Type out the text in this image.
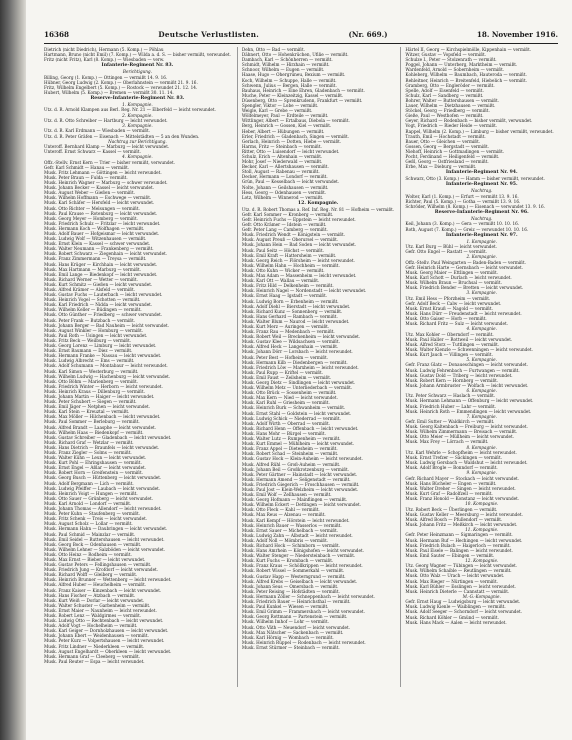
16368	Deutsche Verlustlisten.	(Nr. 669.)	18. November 1916.
Dietrich (nicht Diedrich), Hermann (5. Komp.) — Pöhlau
Hartmann, Bruno (nicht Emil) (7. Komp.) — Wilda a. d. S. — bisher vermißt, verwundet.
Fritz (nicht Fritz), Karl (8. Komp.) — Wiesbaden — verw.
Infanterie-Regiment Nr. 83.
Berichtigung.
Billing, Georg (1. Komp.) — Ottingen — vermißt 14. 9. 16.
Hübner, Georg Ludwig (2. Komp.) — Oberlahnstein — vermißt 21. 9. 16.
Fritz, Wilhelm Engelbert (5. Komp.) — Rostock — verwundet 21. 12. 14.
Hubert, Wilhelm (5. Komp.) — Bremen — vermißt 30. 11. 14.
Reserve-Infanterie-Regiment Nr. 83.
1. Kompagnie.
Utz. d. R. Arnold Klampen aus Berl. Reg. Nr. 21 — Elberfeld — leicht verwundet.
2. Kompagnie.
Utz. d. R. Otto Schreiber — Hartburg — leicht verwundet.
3. Kompagnie.
Utz. d. R. Karl Erdmann — Wiesbaden — vermißt.
Utz. d. R. Peter Gräfen — Eisenach — Mittelstädten — 5 an den Wunden.
Nachtrag zur Berichtigung.
Unteroff. Bernhard Klamp — Marburg — leicht verwundet.
Unteroff. Ernst Schwarz — Kassel — vermißt.
4. Kompagnie.
Offz.-Stellv. Ernst Kern — Trier — bisher vermißt, verwundet.
Gefr. Karl Schmidt — Hanau — vermißt.
Musk. Fritz Lehmann — Göttingen — leicht verwundet.
Musk. Peter Braun — Fulda — vermißt.
Musk. Heinrich Wagner — Marburg — schwer verwundet.
Musk. Johann Becker — Kassel — leicht verwundet.
Musk. August Weber — Gießen — vermißt.
Musk. Wilhelm Hoffmann — Eschwege — vermißt.
Musk. Karl Schäfer — Hersfeld — leicht verwundet.
Musk. Otto Richter — Melsungen — vermißt.
Musk. Paul Krause — Rotenburg — leicht verwundet.
Musk. Georg Meyer — Homberg — vermißt.
Musk. Friedrich Schulz — Fritzlar — leicht verwundet.
Musk. Hermann Koch — Wolfhagen — vermißt.
Musk. Adolf Bauer — Hofgeismar — leicht verwundet.
Musk. Ludwig Wolf — Witzenhausen — vermißt.
Musk. Ernst Klein — Kassel — schwer verwundet.
Musk. Walter Neumann — Frankenberg — vermißt.
Musk. Robert Schwarz — Ziegenhain — leicht verwundet.
Musk. Franz Zimmermann — Treysa — vermißt.
Musk. Hans Krüger — Kirchhain — leicht verwundet.
Musk. Max Hartmann — Marburg — vermißt.
Musk. Emil Lange — Biedenkopf — leicht verwundet.
Musk. Richard Werner — Wetter — vermißt.
Musk. Kurt Schmitz — Gießen — leicht verwundet.
Musk. Alfred Krämer — Alsfeld — vermißt.
Musk. Gustav Fuchs — Lauterbach — leicht verwundet.
Musk. Heinrich Vogel — Schotten — vermißt.
Musk. Karl Friedrich — Nidda — leicht verwundet.
Musk. Wilhelm Keller — Büdingen — vermißt.
Musk. Otto Günther — Friedberg — schwer verwundet.
Musk. Peter Frank — Butzbach — vermißt.
Musk. Johann Berger — Bad Nauheim — leicht verwundet.
Musk. August Winkler — Homburg — vermißt.
Musk. Paul Roth — Usingen — leicht verwundet.
Musk. Fritz Beck — Weilburg — vermißt.
Musk. Georg Lorenz — Limburg — leicht verwundet.
Musk. Ernst Baumann — Diez — vermißt.
Musk. Hermann Franke — Nassau — leicht verwundet.
Musk. Ludwig Albrecht — Ems — vermißt.
Musk. Adolf Schumann — Montabaur — leicht verwundet.
Musk. Karl Simon — Westerburg — vermißt.
Musk. Wilhelm Ludwig — Hachenburg — leicht verwundet.
Musk. Otto Böhm — Marienberg — vermißt.
Musk. Friedrich Winter — Herborn — leicht verwundet.
Musk. Heinrich Kraus — Dillenburg — vermißt.
Musk. Johann Martin — Haiger — leicht verwundet.
Musk. Peter Schubert — Siegen — vermißt.
Musk. Emil Jäger — Netphen — leicht verwundet.
Musk. Karl Stein — Kreuztal — vermißt.
Musk. Max Möller — Hilchenbach — leicht verwundet.
Musk. Paul Sommer — Berleburg — vermißt.
Musk. Alfred Brandt — Laasphe — leicht verwundet.
Musk. Wilhelm Haas — Biedenkopf — vermißt.
Musk. Gustav Schreiber — Gladenbach — leicht verwundet.
Musk. Richard Graf — Wetzlar — vermißt.
Musk. Hans Dietrich — Braunfels — leicht verwundet.
Musk. Franz Ziegler — Solms — vermißt.
Musk. Walter Kühn — Leun — leicht verwundet.
Musk. Kurt Pohl — Ehringshausen — vermißt.
Musk. Ernst Engel — Aßlar — leicht verwundet.
Musk. Robert Horn — Greifenstein — vermißt.
Musk. Georg Busch — Hüttenberg — leicht verwundet.
Musk. Adolf Bergmann — Lich — vermißt.
Musk. Ludwig Pfeiffer — Laubach — leicht verwundet.
Musk. Heinrich Voigt — Hungen — vermißt.
Musk. Otto Sauer — Grünberg — leicht verwundet.
Musk. Karl Arnold — Londorf — vermißt.
Musk. Johann Thomas — Allendorf — leicht verwundet.
Musk. Peter Kuhn — Staufenberg — vermißt.
Musk. Fritz Schenk — Treis — leicht verwundet.
Musk. August Scholz — Lollar — vermißt.
Musk. Hermann Hahn — Daubringen — leicht verwundet.
Musk. Paul Schmid — Mainzlar — vermißt.
Musk. Emil Seidel — Ruttershausen — leicht verwundet.
Musk. Georg Bock — Odenhausen — vermißt.
Musk. Wilhelm Lehner — Salzböden — leicht verwundet.
Musk. Otto Heinz — Rodheim — vermißt.
Musk. Max Ernst — Bieber — leicht verwundet.
Musk. Gustav Peters — Fellingshausen — vermißt.
Musk. Friedrich Jung — Krofdorf — leicht verwundet.
Musk. Richard Wolff — Gleiberg — vermißt.
Musk. Heinrich Brunner — Wettenberg — leicht verwundet.
Musk. Alfred Huber — Heuchelheim — vermißt.
Musk. Franz Kaiser — Kinzenbach — leicht verwundet.
Musk. Hans Fischer — Atzbach — vermißt.
Musk. Kurt Weiß — Dorlar — leicht verwundet.
Musk. Walter Schuster — Garbenheim — vermißt.
Musk. Ernst Maier — Naunheim — leicht verwundet.
Musk. Robert Lenz — Waldgirmes — vermißt.
Musk. Ludwig Otto — Rechtenbach — leicht verwundet.
Musk. Adolf Vogt — Hochelheim — vermißt.
Musk. Karl Geiger — Dornholzhausen — leicht verwundet.
Musk. Johann Ebert — Weidenhausen — vermißt.
Musk. Peter Kurz — Volpertshausen — leicht verwundet.
Musk. Fritz Lindner — Niederkleen — vermißt.
Musk. August Engelhardt — Oberkleen — leicht verwundet.
Musk. Hermann Graf — Cleeberg — vermißt.
Musk. Paul Reuter — Espa — leicht verwundet.
Dehn, Otto — Bad — vermißt.
Dähnert, Otto — Hohenkrüchen, Ufilie — vermißt.
Dambach, Karl — Schönherren — vermißt.
Schmidt, Wilhelm — Hirzhain — vermißt.
Schnoor, Wilhelm — Eugen — vermißt.
Haase, Hugo — Ohergrüneu, Bexium — vermißt.
Koch, Wilhelm — Schuppe, Halle — vermißt.
Schwenn, Julius — Bergen, Halle — vermißt.
Bauhaus, Heinrich — Eine Ehren, Gladenbach — vermißt.
Muche, Peter — Kleinzeitzig, Kassel — vermißt.
Düsenberg, Otto — Sprenkrudenn, Frankfurt — vermißt.
Spengler, Viktor — Lobe — vermißt.
Weigle, Karl — Grebe — vermißt.
Wölfelmeyer, Paul — Erdteile — vermißt.
Wittlinger, Albert — Ertalbaus, Diebola — vermißt.
Berg, Heinrich — Gossen, Kiel — vermißt.
Heber, Albert — Hübungen — vermißt.
Erler, Friedrich — Gladenbach, Singen — vermißt.
Gerlach, Heinrich — Dotten, Hiebe — vermißt.
Harms, Fritz — Steinbach — vermißt.
Ritter, Otto — Luisendorf — leicht verwundet.
Schulz, Erich — Altenhain — vermißt.
Mohr, Josef — Niederwald — vermißt.
Becker, Karl — Allertshausen — vermißt.
Stoll, August — Rabenau — vermißt.
Decker, Hermann — Londorf — vermißt.
Grün, Paul — Kesselbach — leicht verwundet.
Nolte, Johann — Geilshausen — vermißt.
Hess, Georg — Odenhausen — vermißt.
Lotz, Wilhelm — Winnerod — vermißt.
12. Kompagnie.
Utz. d. R. Robert Thomas a. Ref. Inf. Reg. Nr. 81 — Hofheim — vermißt.
Gefr. Karl Sommer — Kronberg — vermißt.
Gefr. Heinrich Fuchs — Eppstein — leicht verwundet.
Gefr. Otto Krämer — Idstein — vermißt.
Gefr. Peter Lang — Camberg — vermißt.
Musk. Friedrich Wendt — Königstein — vermißt.
Musk. August Preuß — Oberursel — vermißt.
Musk. Johann Hein — Bad Soden — leicht verwundet.
Musk. Paul Seitz — Höchst — vermißt.
Musk. Emil Kraft — Hattersheim — vermißt.
Musk. Georg Reich — Flörsheim — leicht verwundet.
Musk. Wilhelm Hahn — Hochheim — vermißt.
Musk. Otto Kuhn — Wicker — vermißt.
Musk. Max Adam — Massenheim — leicht verwundet.
Musk. Karl Ott — Wallau — vermißt.
Musk. Fritz Hild — Delkenheim — vermißt.
Musk. Heinrich Nagel — Nordenstadt — leicht verwundet.
Musk. Ernst Haag — Igstadt — vermißt.
Musk. Ludwig Born — Erbenheim — vermißt.
Musk. Adolf Diehl — Bierstadt — leicht verwundet.
Musk. Richard Kunz — Sonnenberg — vermißt.
Musk. Hans Gerhard — Rambach — vermißt.
Musk. Walter Blum — Naurod — leicht verwundet.
Musk. Kurt Merz — Auringen — vermißt.
Musk. Franz Rau — Medenbach — vermißt.
Musk. Robert Weil — Breckenheim — leicht verwundet.
Musk. Gustav Klee — Wildsachsen — vermißt.
Musk. Alfred Heck — Langenhain — vermißt.
Musk. Johann Dörr — Lorsbach — leicht verwundet.
Musk. Peter Best — Hofheim — vermißt.
Musk. Hermann Kilb — Diedenbergen — vermißt.
Musk. Friedrich Löw — Marxheim — leicht verwundet.
Musk. Paul Rupp — Kriftel — vermißt.
Musk. Emil Faust — Zeilsheim — vermißt.
Musk. Georg Dietz — Sindlingen — leicht verwundet.
Musk. Wilhelm Metz — Unterliederbach — vermißt.
Musk. Otto Brück — Sossenheim — vermißt.
Musk. Max Kern — Nied — leicht verwundet.
Musk. Karl Ruhl — Griesheim — vermißt.
Musk. Heinrich Burk — Schwanheim — vermißt.
Musk. Ernst Stahl — Goldstein — leicht verwundet.
Musk. Ludwig Schick — Niederrad — vermißt.
Musk. Adolf Wirth — Oberrad — vermißt.
Musk. Richard Henn — Offenbach — leicht verwundet.
Musk. Hans Mohr — Bürgel — vermißt.
Musk. Walter Lutz — Rumpenheim — vermißt.
Musk. Kurt Emmel — Mühlheim — leicht verwundet.
Musk. Franz Appel — Dietesheim — vermißt.
Musk. Robert Schad — Steinheim — vermißt.
Musk. Gustav Hock — Klein-Auheim — leicht verwundet.
Musk. Alfred Rühl — Groß-Auheim — vermißt.
Musk. Johann Beil — Großkrotzenburg — vermißt.
Musk. Peter Gärtner — Hainstadt — leicht verwundet.
Musk. Hermann Amend — Seligenstadt — vermißt.
Musk. Friedrich Giegerich — Froschhausen — vermißt.
Musk. Paul Jost — Klein-Welzheim — leicht verwundet.
Musk. Emil Wolf — Zellhausen — vermißt.
Musk. Georg Hofmann — Mainflingen — vermißt.
Musk. Wilhelm Eckert — Dettingen — leicht verwundet.
Musk. Otto Fleck — Kahl — vermißt.
Musk. Max Reus — Alzenau — vermißt.
Musk. Karl Kempf — Hörstein — leicht verwundet.
Musk. Heinrich Bauer — Wasserlos — vermißt.
Musk. Ernst Sauer — Michelbach — vermißt.
Musk. Ludwig Zahn — Albstadt — leicht verwundet.
Musk. Adolf Noll — Mömbris — vermißt.
Musk. Richard Hock — Schimborn — vermißt.
Musk. Hans Amrhein — Königshofen — leicht verwundet.
Musk. Walter Stenger — Niedersteinbach — vermißt.
Musk. Kurt Fuchs — Krombach — vermißt.
Musk. Franz Kraus — Schöllkrippen — leicht verwundet.
Musk. Robert Wissel — Sommerkahl — vermißt.
Musk. Gustav Happ — Westerngrund — vermißt.
Musk. Alfred Krebs — Geiselbach — leicht verwundet.
Musk. Johann Seus — Omersbach — vermißt.
Musk. Peter Reising — Hofstädten — vermißt.
Musk. Hermann Zöller — Schneppenbach — leicht verwundet.
Musk. Friedrich Bauer — Heinrichsthal — vermißt.
Musk. Paul Kunkel — Wiesen — vermißt.
Musk. Emil Grimm — Frammersbach — leicht verwundet.
Musk. Georg Rottmann — Partenstein — vermißt.
Musk. Wilhelm Imhof — Lohr — vermißt.
Musk. Otto Väth — Neuendorf — leicht verwundet.
Musk. Max Nätscher — Sackenbach — vermißt.
Musk. Karl Hörnig — Wombach — vermißt.
Musk. Heinrich Rüppel — Rodenbach — leicht verwundet.
Musk. Ernst Stürmer — Steinbach — vermißt.
Härtel II, Georg — Kirchspielmölle, Kippenhain — vermißt.
Witzer, Gustav — Vopsfeld — vermißt.
Schulze I., Peter — Stolzenrath — vermißt.
Poggel, Johann — Unterberg, Marktheim — vermißt.
Wardenfeld, Arnold — Sobernheim — vermißt.
Kohleberg, Wilhelm — Baumbach, Hauteroda — vermißt.
Rehleitner, Heinrich — Breitenfeld, Hiebelich — vermißt.
Gramberg, Otto — Engleröder — vermißt.
Spelle, Adolf — Eisenfeld — vermißt.
Schulz, Karl — Sandberg — vermißt.
Bohrer, Walter — Ruttershausen — vermißt.
Lauer, Wilhelm — Dietzhausen — vermißt.
Stöckel, Georg — Friedberg — vermißt.
Gieße, Paul — Westhofen — vermißt.
Geyer, Richard — Rodenbach — bisher vermißt, verwundet.
Vogt, Friedrich — Rieder Heide — vermißt.
Rappel, Wilhelm (2. Komp.) — Limburg — bisher vermißt, verwundet.
Trauth, Emil — Hochstadt — vermißt.
Bauer, Otto — Gleichen — vermißt.
Gossen, Georg — Bergstadt — vermißt.
Niehoff, Heinrich — Gottmadingen — vermißt.
Pocht, Ferdinand — Heiligenfeld — vermißt.
Geßl, Georg — Ostfriesland — vermißt.
Erbe, Max — Dieburg — vermißt.
Infanterie-Regiment Nr. 94.
Schwarz, Otto (3. Komp.) — Hamm — bisher vermißt, verwundet.
Infanterie-Regiment Nr. 95.
Nachtrag.
Wolter, Karl (1. Komp.) — Erfurt — vermißt 13. 9. 16.
Richter, Paul (5. Komp.) — Gotha — vermißt 13. 9. 16.
Schröder, Wilhelm (8. Komp.) — Eisenach — verwundet 13. 9. 16.
Reserve-Infanterie-Regiment Nr. 96.
Nachtrag.
Keil, Johann (3. Komp.) — Gera — vermißt 10. 10. 16.
Roth, August (7. Komp.) — Greiz — verwundet 10. 10. 16.
Infanterie-Regiment Nr. 97.
1. Kompagnie.
Utz. Karl Burg — Bühl — leicht verwundet.
Gefr. Otto Engel — Rastatt — vermißt.
2. Kompagnie.
Offz.-Stellv. Paul Weingarten — Baden-Baden — vermißt.
Gefr. Heinrich Harte — Gernsbach — leicht verwundet.
Musk. Georg Maier — Ettlingen — vermißt.
Musk. Karl Schott — Durlach — leicht verwundet.
Musk. Wilhelm Braun — Bruchsal — vermißt.
Musk. Friedrich Bender — Bretten — leicht verwundet.
3. Kompagnie.
Utz. Emil Hess — Pforzheim — vermißt.
Gefr. Adolf Beck — Calw — leicht verwundet.
Musk. Ernst Krauß — Nagold — vermißt.
Musk. Hans Dürr — Freudenstadt — leicht verwundet.
Musk. Otto Gaiser — Horb — vermißt.
Musk. Richard Fritz — Sulz — leicht verwundet.
4. Kompagnie.
Utz. Max Kohler — Oberndorf — vermißt.
Musk. Paul Haller — Rottweil — leicht verwundet.
Musk. Alfred Storz — Tuttlingen — vermißt.
Musk. Walter Kienzle — Schwenningen — leicht verwundet.
Musk. Kurt Jauch — Villingen — vermißt.
5. Kompagnie.
Gefr. Franz Glatz — Donaueschingen — leicht verwundet.
Musk. Ludwig Fehrenbach — Furtwangen — vermißt.
Musk. Gustav Dold — Triberg — leicht verwundet.
Musk. Robert Kern — Hornberg — vermißt.
Musk. Johann Armbruster — Wolfach — leicht verwundet.
6. Kompagnie.
Utz. Peter Schwarz — Haslach — vermißt.
Musk. Hermann Lehmann — Offenburg — leicht verwundet.
Musk. Friedrich Huber — Lahr — vermißt.
Musk. Heinrich Roth — Emmendingen — leicht verwundet.
7. Kompagnie.
Gefr. Emil Sutter — Waldkirch — vermißt.
Musk. Georg Kaltenbach — Freiburg — leicht verwundet.
Musk. Wilhelm Zimmermann — Breisach — vermißt.
Musk. Otto Meier — Müllheim — leicht verwundet.
Musk. Max Frey — Lörrach — vermißt.
8. Kompagnie.
Utz. Karl Wehrle — Schopfheim — leicht verwundet.
Musk. Ernst Trefzer — Säckingen — vermißt.
Musk. Ludwig Gersbach — Waldshut — leicht verwundet.
Musk. Adolf Brogle — Bonndorf — vermißt.
9. Kompagnie.
Gefr. Richard Mayer — Stockach — leicht verwundet.
Musk. Hans Bücheler — Engen — vermißt.
Musk. Walter Dreher — Singen — leicht verwundet.
Musk. Kurt Graf — Radolfzell — vermißt.
Musk. Franz Honold — Konstanz — leicht verwundet.
10. Kompagnie.
Utz. Robert Beck — Überlingen — vermißt.
Musk. Gustav Keller — Meersburg — leicht verwundet.
Musk. Alfred Bosch — Pfullendorf — vermißt.
Musk. Johann Fritz — Meßkirch — leicht verwundet.
11. Kompagnie.
Gefr. Peter Heinzmann — Sigmaringen — vermißt.
Musk. Hermann Ruf — Hechingen — leicht verwundet.
Musk. Friedrich Bulach — Haigerloch — vermißt.
Musk. Paul Eisele — Balingen — leicht verwundet.
Musk. Emil Sauter — Ebingen — vermißt.
12. Kompagnie.
Utz. Georg Wagner — Tübingen — leicht verwundet.
Musk. Wilhelm Schaible — Reutlingen — vermißt.
Musk. Otto Walz — Urach — leicht verwundet.
Musk. Max Rieger — Nürtingen — vermißt.
Musk. Karl Bühler — Esslingen — leicht verwundet.
Musk. Heinrich Dieterle — Cannstatt — vermißt.
M.-G.-Kompagnie.
Gefr. Ernst Haug — Ludwigsburg — leicht verwundet.
Musk. Ludwig Kienle — Waiblingen — vermißt.
Musk. Adolf Seeger — Schorndorf — leicht verwundet.
Musk. Richard Köhler — Gmünd — vermißt.
Musk. Hans Mack — Aalen — leicht verwundet.
